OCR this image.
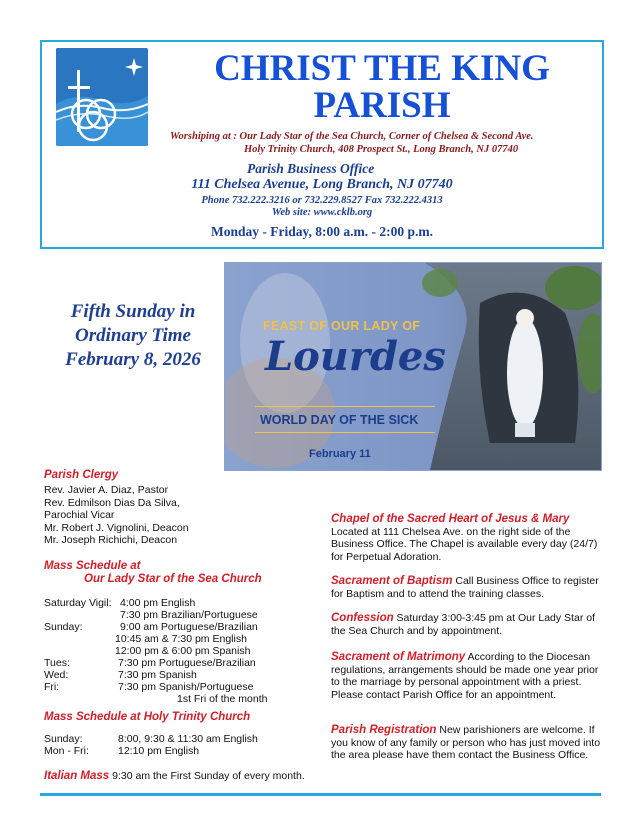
CHRIST THE KING
PARISH
Worshiping at : Our Lady Star of the Sea Church, Corner of Chelsea & Second Ave.
Holy Trinity Church, 408 Prospect St., Long Branch, NJ 07740
Parish Business Office
111 Chelsea Avenue, Long Branch, NJ 07740
Phone 732.222.3216 or 732.229.8527 Fax 732.222.4313
Web site: www.cklb.org
Monday - Friday, 8:00 a.m. - 2:00 p.m.
Fifth Sunday in
Ordinary Time
February 8, 2026
FEAST OF OUR LADY OF
Lourdes
WORLD DAY OF THE SICK
February 11
Parish Clergy
Rev. Javier A. Diaz, Pastor
Rev. Edmilson Dias Da Silva,
Parochial Vicar
Mr. Robert J. Vignolini, Deacon
Mr. Joseph Richichi, Deacon
Mass Schedule at
Our Lady Star of the Sea Church
Saturday Vigil: 4:00 pm English
7:30 pm Brazilian/Portuguese
Sunday:	9:00 am Portuguese/Brazilian
10:45 am & 7:30 pm English
12:00 pm & 6:00 pm Spanish
Tues:	7:30 pm Portuguese/Brazilian
Wed:	7:30 pm Spanish
Fri:	7:30 pm Spanish/Portuguese
1st Fri of the month
Mass Schedule at Holy Trinity Church
Sunday:	8:00, 9:30 & 11:30 am English
Mon - Fri:	12:10 pm English
Italian Mass 9:30 am the First Sunday of every month.
Chapel of the Sacred Heart of Jesus & Mary
Located at 111 Chelsea Ave. on the right side of the Business Office. The Chapel is available every day (24/7) for Perpetual Adoration.
Sacrament of Baptism Call Business Office to register for Baptism and to attend the training classes.
Confession Saturday 3:00-3:45 pm at Our Lady Star of the Sea Church and by appointment.
Sacrament of Matrimony According to the Diocesan regulations, arrangements should be made one year prior to the marriage by personal appointment with a priest. Please contact Parish Office for an appointment.
Parish Registration New parishioners are welcome. If you know of any family or person who has just moved into the area please have them contact the Business Office.
